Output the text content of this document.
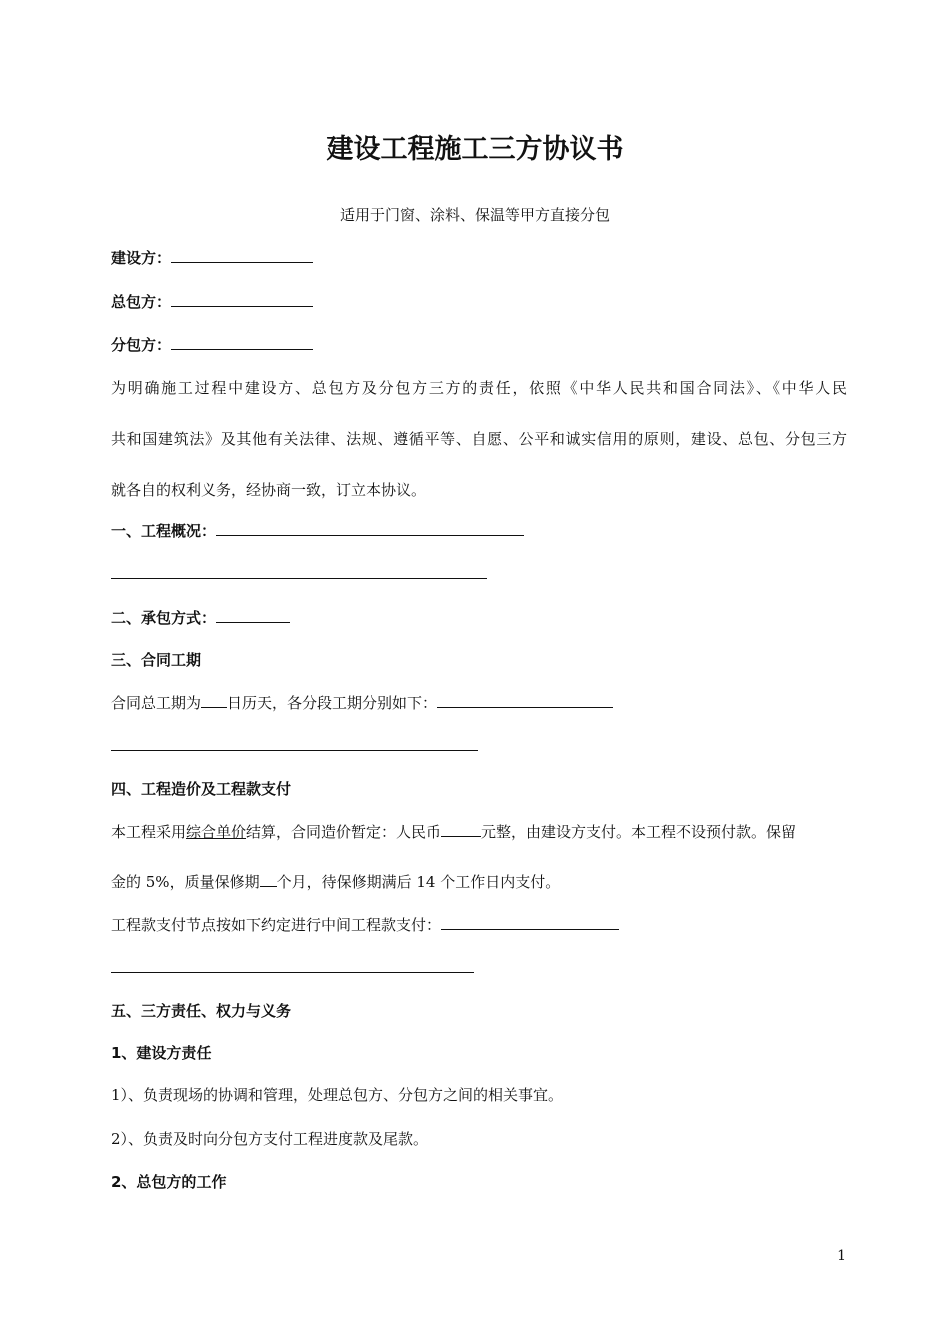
建设工程施工三方协议书
适用于门窗、涂料、保温等甲方直接分包
建设方：
总包方：
分包方：
为明确施工过程中建设方、总包方及分包方三方的责任，依照《中华人民共和国合同法》、《中华人民
共和国建筑法》及其他有关法律、法规、遵循平等、自愿、公平和诚实信用的原则，建设、总包、分包三方
就各自的权利义务，经协商一致，订立本协议。
一、工程概况：
二、承包方式：
三、合同工期
合同总工期为 日历天，各分段工期分别如下：
四、工程造价及工程款支付
本工程采用综合单价结算，合同造价暂定：人民币	元整，由建设方支付。本工程不设预付款。保留
金的 5%，质量保修期 个月，待保修期满后 14 个工作日内支付。
工程款支付节点按如下约定进行中间工程款支付：
五、三方责任、权力与义务
1、建设方责任
1）、负责现场的协调和管理，处理总包方、分包方之间的相关事宜。
2）、负责及时向分包方支付工程进度款及尾款。
2、总包方的工作
1
